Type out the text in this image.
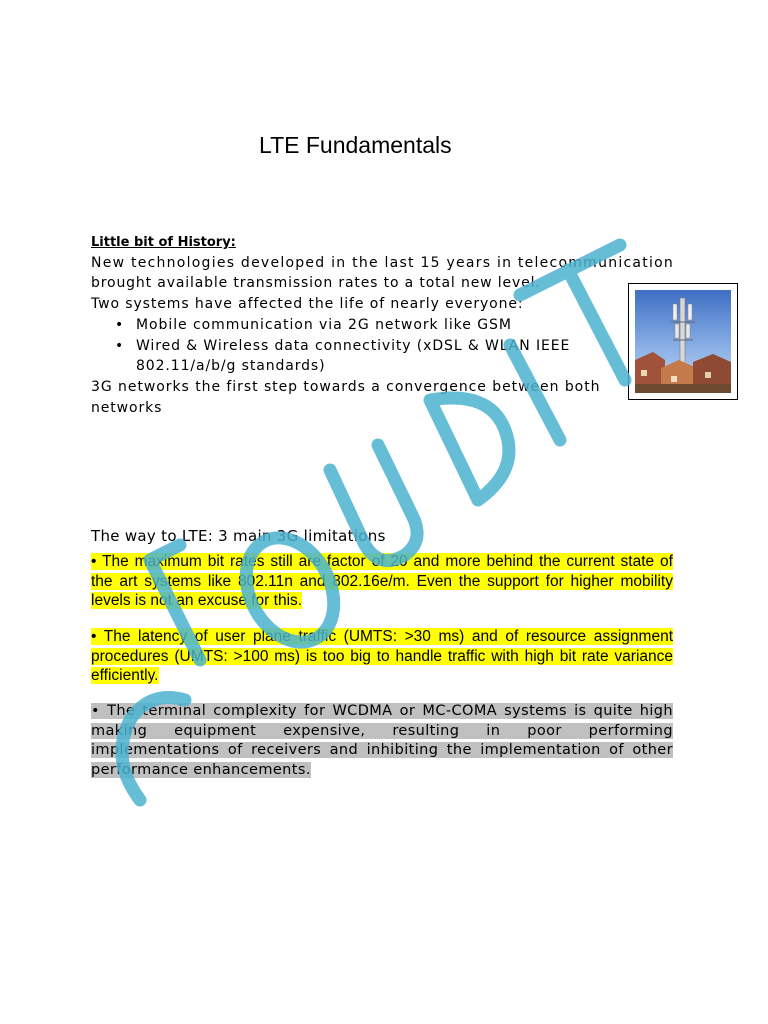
LTE Fundamentals
Little bit of History:
New technologies developed in the last 15 years in telecommunication
brought available transmission rates to a total new level.
Two systems have affected the life of nearly everyone:
• Mobile communication via 2G network like GSM
• Wired & Wireless data connectivity (xDSL & WLAN IEEE
802.11/a/b/g standards)
3G networks the first step towards a convergence between both
networks
The way to LTE: 3 main 3G limitations

• The maximum bit rates still are factor of 20 and more behind the current state of the art systems like 802.11n and 802.16e/m. Even the support for higher mobility levels is not an excuse for this.

• The latency of user plane traffic (UMTS: >30 ms) and of resource assignment procedures (UMTS: >100 ms) is too big to handle traffic with high bit rate variance efficiently.

• The terminal complexity for WCDMA or MC-COMA systems is quite high making equipment expensive, resulting in poor performing implementations of receivers and inhibiting the implementation of other performance enhancements.
